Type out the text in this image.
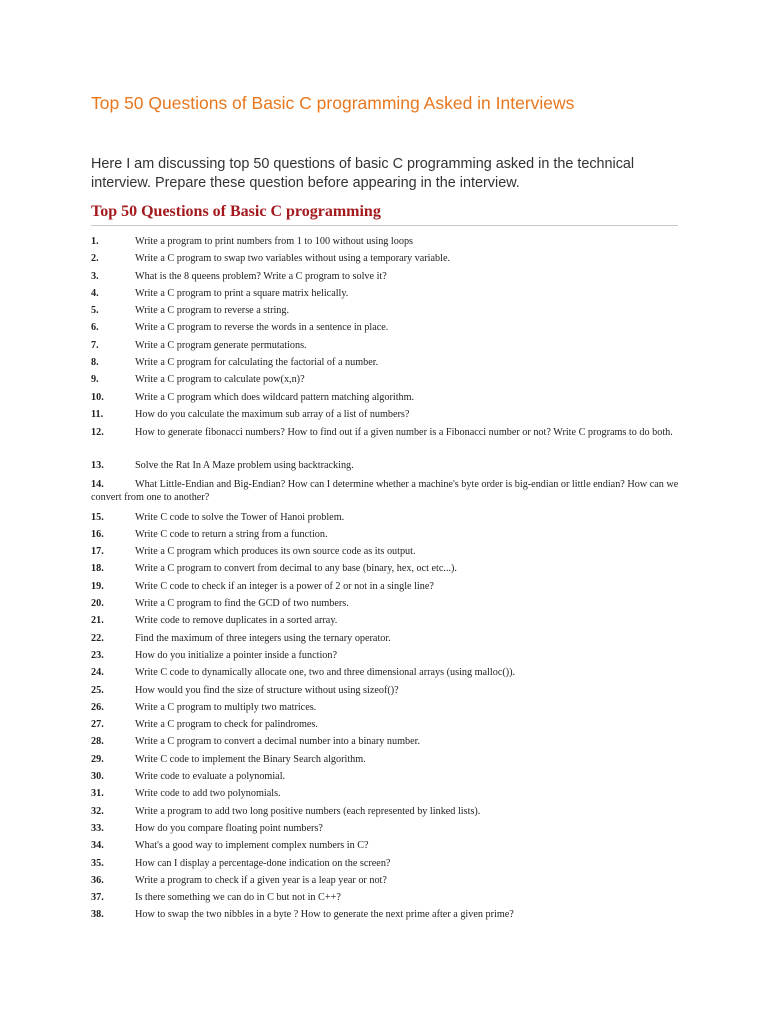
Top 50 Questions of Basic C programming Asked in Interviews

Here I am discussing top 50 questions of basic C programming asked in the technical interview. Prepare these question before appearing in the interview.

Top 50 Questions of Basic C programming
1.	Write a program to print numbers from 1 to 100 without using loops
2.	Write a C program to swap two variables without using a temporary variable.
3.	What is the 8 queens problem? Write a C program to solve it?
4.	Write a C program to print a square matrix helically.
5.	Write a C program to reverse a string.
6.	Write a C program to reverse the words in a sentence in place.
7.	Write a C program generate permutations.
8.	Write a C program for calculating the factorial of a number.
9.	Write a C program to calculate pow(x,n)?
10.	Write a C program which does wildcard pattern matching algorithm.
11.	How do you calculate the maximum sub array of a list of numbers?
12.	How to generate fibonacci numbers? How to find out if a given number is a Fibonacci number or not? Write C programs to do both.
13.	Solve the Rat In A Maze problem using backtracking.
14.	What Little-Endian and Big-Endian? How can I determine whether a machine's byte order is big-endian or little endian? How can we convert from one to another?
15.	Write C code to solve the Tower of Hanoi problem.
16.	Write C code to return a string from a function.
17.	Write a C program which produces its own source code as its output.
18.	Write a C program to convert from decimal to any base (binary, hex, oct etc...).
19.	Write C code to check if an integer is a power of 2 or not in a single line?
20.	Write a C program to find the GCD of two numbers.
21.	Write code to remove duplicates in a sorted array.
22.	Find the maximum of three integers using the ternary operator.
23.	How do you initialize a pointer inside a function?
24.	Write C code to dynamically allocate one, two and three dimensional arrays (using malloc()).
25.	How would you find the size of structure without using sizeof()?
26.	Write a C program to multiply two matrices.
27.	Write a C program to check for palindromes.
28.	Write a C program to convert a decimal number into a binary number.
29.	Write C code to implement the Binary Search algorithm.
30.	Write code to evaluate a polynomial.
31.	Write code to add two polynomials.
32.	Write a program to add two long positive numbers (each represented by linked lists).
33.	How do you compare floating point numbers?
34.	What's a good way to implement complex numbers in C?
35.	How can I display a percentage-done indication on the screen?
36.	Write a program to check if a given year is a leap year or not?
37.	Is there something we can do in C but not in C++?
38.	How to swap the two nibbles in a byte ? How to generate the next prime after a given prime?
